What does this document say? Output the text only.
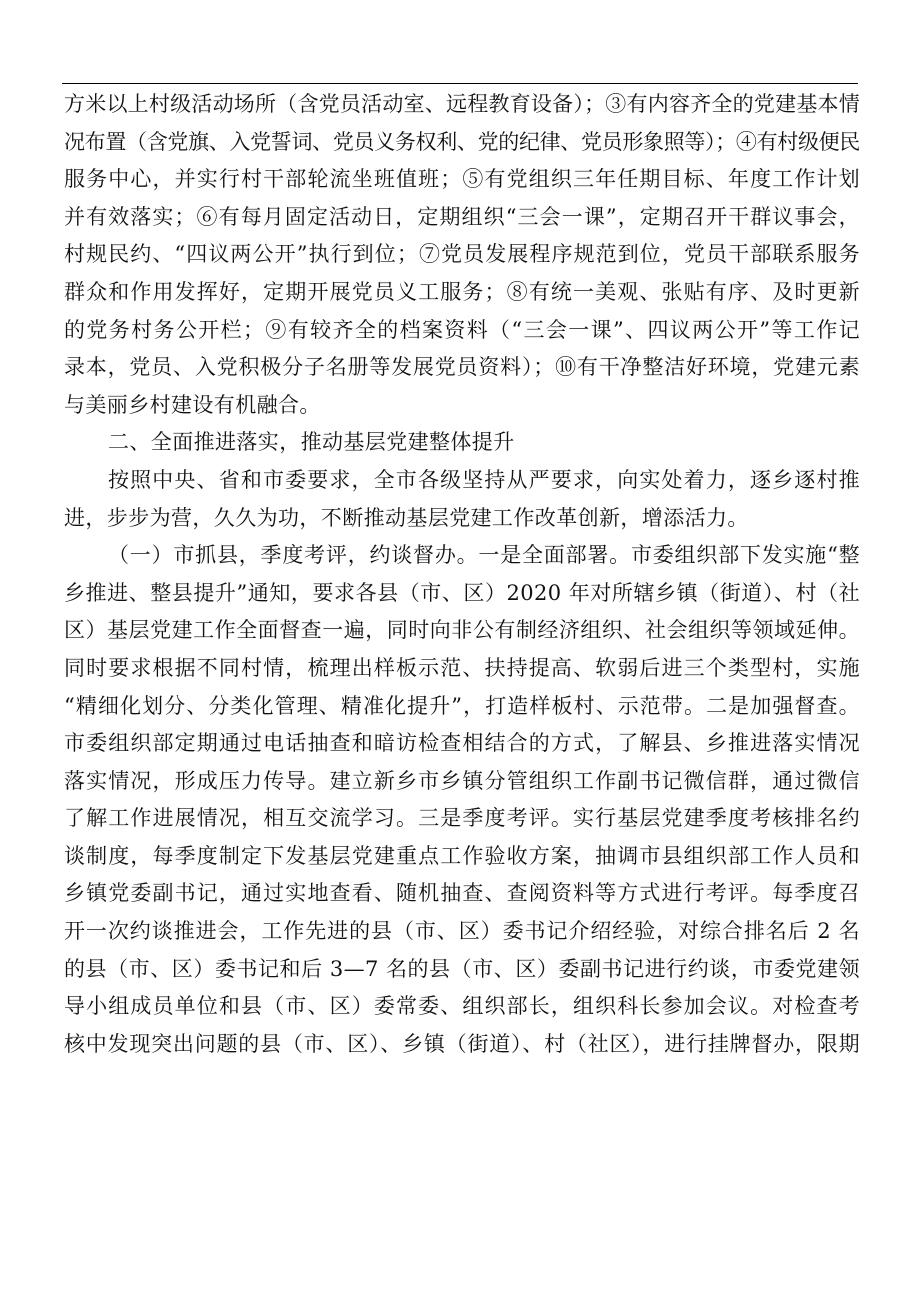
方米以上村级活动场所（含党员活动室、远程教育设备）；③有内容齐全的党建基本情
况布置（含党旗、入党誓词、党员义务权利、党的纪律、党员形象照等）；④有村级便民
服务中心，并实行村干部轮流坐班值班；⑤有党组织三年任期目标、年度工作计划
并有效落实；⑥有每月固定活动日，定期组织“三会一课”，定期召开干群议事会，
村规民约、“四议两公开”执行到位；⑦党员发展程序规范到位，党员干部联系服务
群众和作用发挥好，定期开展党员义工服务；⑧有统一美观、张贴有序、及时更新
的党务村务公开栏；⑨有较齐全的档案资料（“三会一课”、四议两公开”等工作记
录本，党员、入党积极分子名册等发展党员资料）；⑩有干净整洁好环境，党建元素
与美丽乡村建设有机融合。
二、全面推进落实，推动基层党建整体提升
按照中央、省和市委要求，全市各级坚持从严要求，向实处着力，逐乡逐村推
进，步步为营，久久为功，不断推动基层党建工作改革创新，增添活力。
（一）市抓县，季度考评，约谈督办。一是全面部署。市委组织部下发实施“整
乡推进、整县提升”通知，要求各县（市、区）2020 年对所辖乡镇（街道）、村（社
区）基层党建工作全面督查一遍，同时向非公有制经济组织、社会组织等领域延伸。
同时要求根据不同村情，梳理出样板示范、扶持提高、软弱后进三个类型村，实施
“精细化划分、分类化管理、精准化提升”，打造样板村、示范带。二是加强督查。
市委组织部定期通过电话抽查和暗访检查相结合的方式，了解县、乡推进落实情况
落实情况，形成压力传导。建立新乡市乡镇分管组织工作副书记微信群，通过微信
了解工作进展情况，相互交流学习。三是季度考评。实行基层党建季度考核排名约
谈制度，每季度制定下发基层党建重点工作验收方案，抽调市县组织部工作人员和
乡镇党委副书记，通过实地查看、随机抽查、查阅资料等方式进行考评。每季度召
开一次约谈推进会，工作先进的县（市、区）委书记介绍经验，对综合排名后 2 名
的县（市、区）委书记和后 3—7 名的县（市、区）委副书记进行约谈，市委党建领
导小组成员单位和县（市、区）委常委、组织部长，组织科长参加会议。对检查考
核中发现突出问题的县（市、区）、乡镇（街道）、村（社区），进行挂牌督办，限期
